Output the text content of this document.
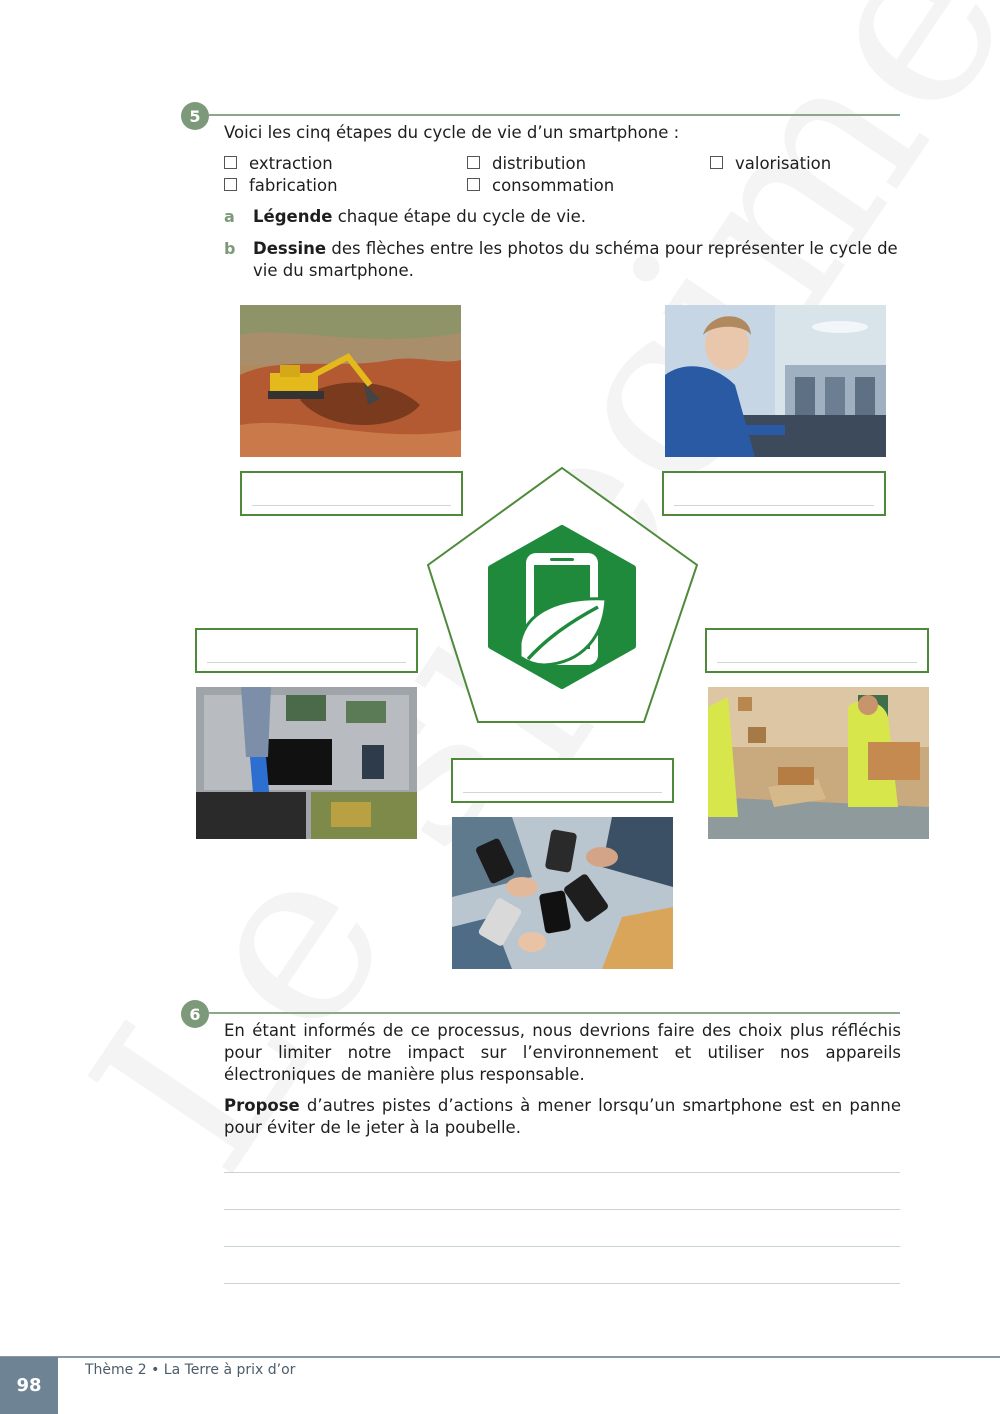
5
Voici les cinq étapes du cycle de vie d’un smartphone :
extraction
fabrication
distribution
consommation
valorisation
a Légende chaque étape du cycle de vie.
b Dessine des flèches entre les photos du schéma pour représenter le cycle de vie du smartphone.
6
En étant informés de ce processus, nous devrions faire des choix plus réfléchis pour limiter notre impact sur l’environnement et utiliser nos appareils électroniques de manière plus responsable.
Propose d’autres pistes d’actions à mener lorsqu’un smartphone est en panne pour éviter de le jeter à la poubelle.
98
Thème 2 • La Terre à prix d’or
